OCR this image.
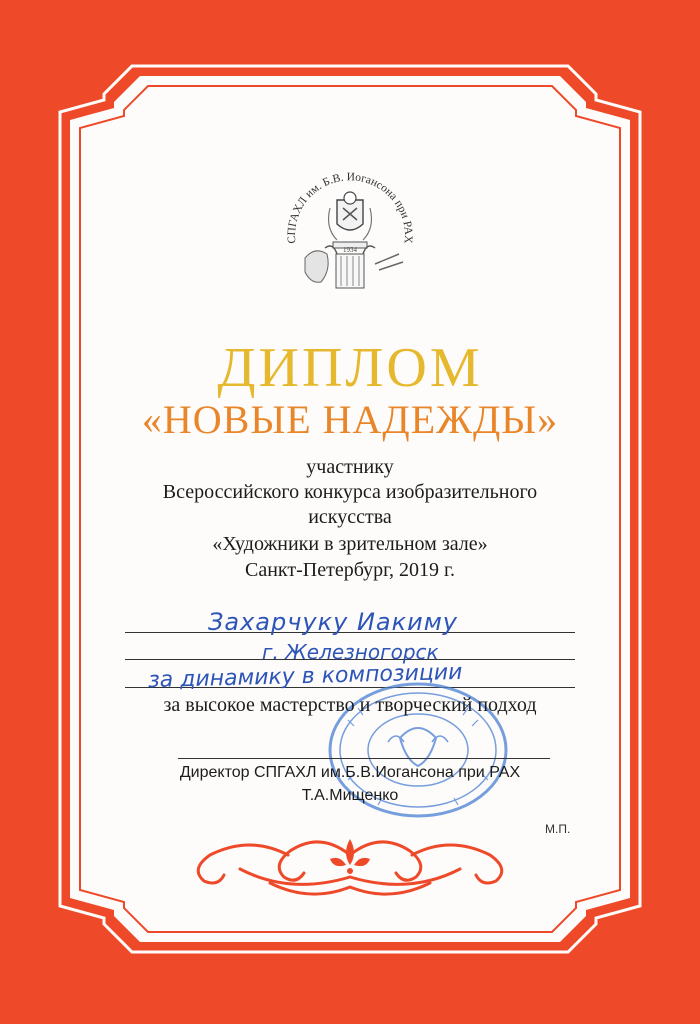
СПГАХЛ им. Б.В. Иогансона при РАХ
1934
ДИПЛОМ
«НОВЫЕ НАДЕЖДЫ»
участнику
Всероссийского конкурса изобразительного
искусства
«Художники в зрительном зале»
Санкт-Петербург, 2019 г.
Захарчуку Иакиму
г. Железногорск
за динамику в композиции
за высокое мастерство и творческий подход
Директор СПГАХЛ им.Б.В.Иогансона при РАХ
Т.А.Мищенко
М.П.
